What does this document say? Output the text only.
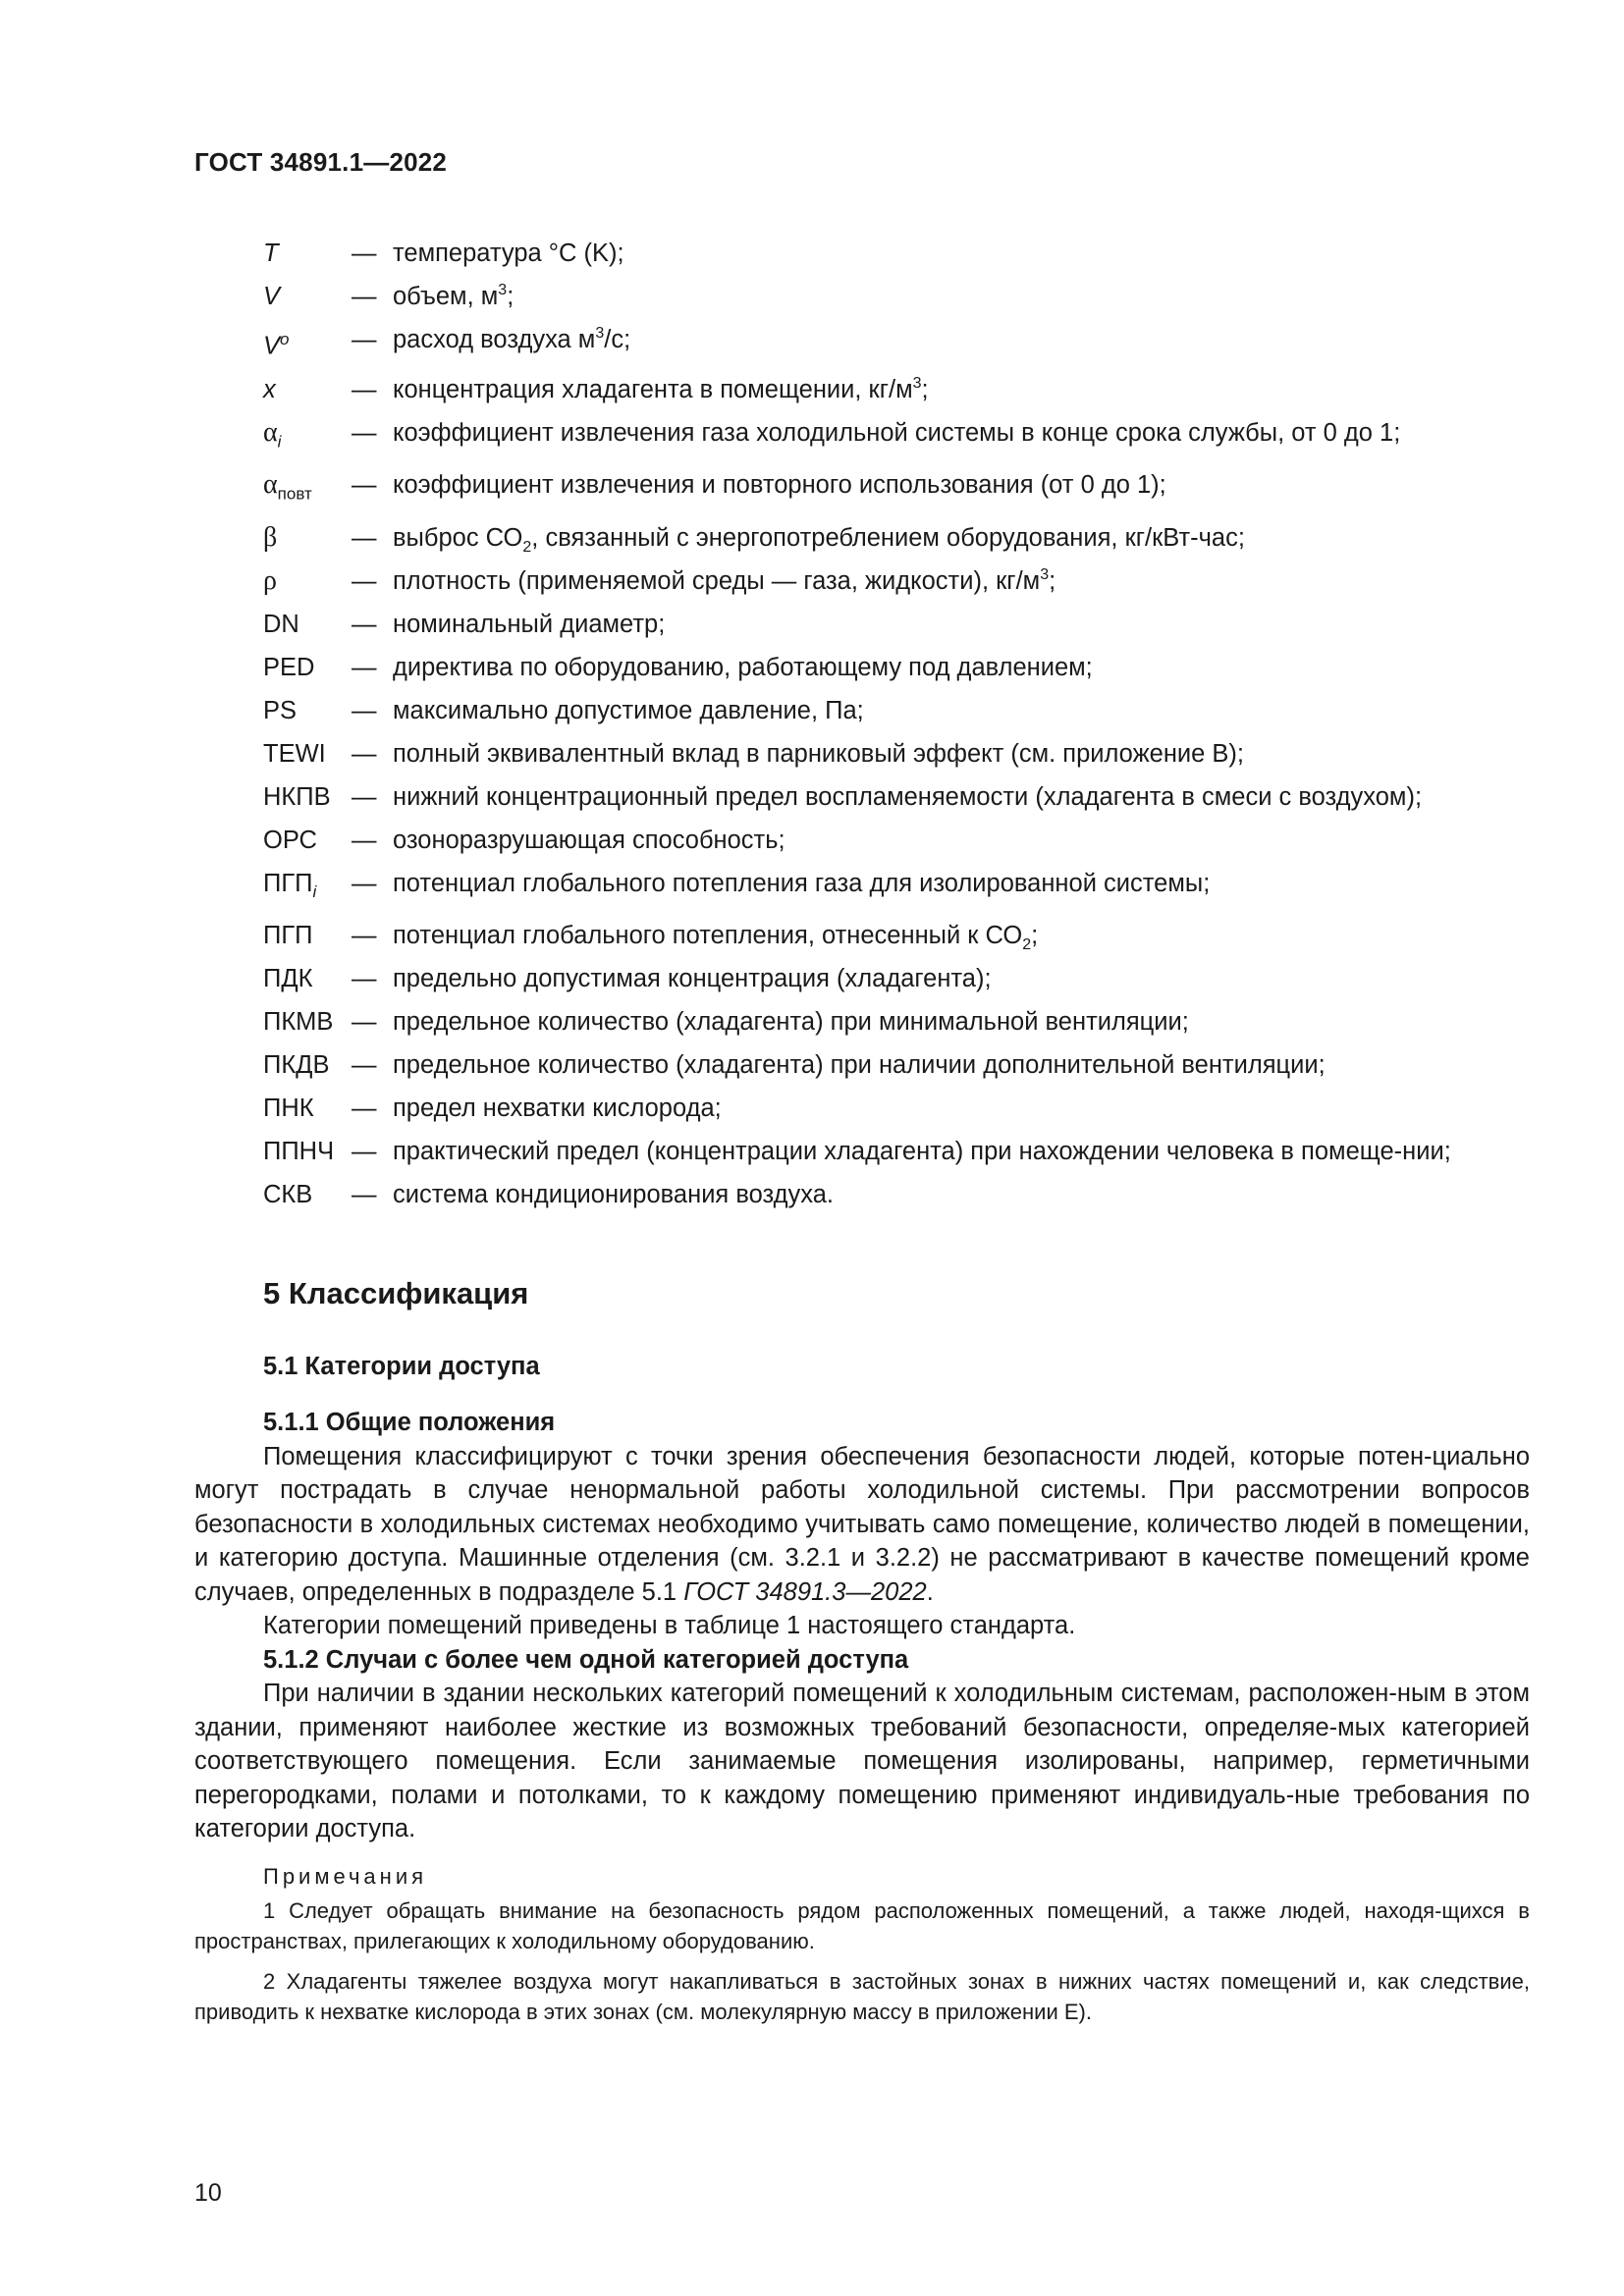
ГОСТ 34891.1—2022
T	— температура °С (K);
V	— объем, $м^3$;
$V^o$	— расход воздуха $м^3/с$;
x	— концентрация хладагента в помещении, $кг/м^3$;
$\alpha_i$	— коэффициент извлечения газа холодильной системы в конце срока службы, от 0 до 1;
$\alpha_{повт}$	— коэффициент извлечения и повторного использования (от 0 до 1);
β	— выброс $СО_2$, связанный с энергопотреблением оборудования, кг/кВт-час;
ρ	— плотность (применяемой среды — газа, жидкости), $кг/м^3$;
DN	— номинальный диаметр;
PED	— директива по оборудованию, работающему под давлением;
PS	— максимально допустимое давление, Па;
TEWI	— полный эквивалентный вклад в парниковый эффект (см. приложение В);
НКПВ — нижний концентрационный предел воспламеняемости (хладагента в смеси с воздухом);
ОРС	— озоноразрушающая способность;
$ПГП_i$	— потенциал глобального потепления газа для изолированной системы;
ПГП	— потенциал глобального потепления, отнесенный к $СО_2$;
ПДК	— предельно допустимая концентрация (хладагента);
ПКМВ — предельное количество (хладагента) при минимальной вентиляции;
ПКДВ — предельное количество (хладагента) при наличии дополнительной вентиляции;
ПНК	— предел нехватки кислорода;
ППНЧ — практический предел (концентрации хладагента) при нахождении человека в помеще-нии;
СКВ	— система кондиционирования воздуха.
5 Классификация
5.1 Категории доступа

5.1.1 Общие положения

Помещения классифицируют с точки зрения обеспечения безопасности людей, которые потен-циально могут пострадать в случае ненормальной работы холодильной системы. При рассмотрении вопросов безопасности в холодильных системах необходимо учитывать само помещение, количество людей в помещении, и категорию доступа. Машинные отделения (см. 3.2.1 и 3.2.2) не рассматривают в качестве помещений кроме случаев, определенных в подразделе 5.1 ГОСТ 34891.3—2022.

Категории помещений приведены в таблице 1 настоящего стандарта.

5.1.2 Случаи с более чем одной категорией доступа

При наличии в здании нескольких категорий помещений к холодильным системам, расположен-ным в этом здании, применяют наиболее жесткие из возможных требований безопасности, определяе-мых категорией соответствующего помещения. Если занимаемые помещения изолированы, например, герметичными перегородками, полами и потолками, то к каждому помещению применяют индивидуаль-ные требования по категории доступа.

Примечания

1 Следует обращать внимание на безопасность рядом расположенных помещений, а также людей, находя-щихся в пространствах, прилегающих к холодильному оборудованию.

2 Хладагенты тяжелее воздуха могут накапливаться в застойных зонах в нижних частях помещений и, как следствие, приводить к нехватке кислорода в этих зонах (см. молекулярную массу в приложении Е).

10
